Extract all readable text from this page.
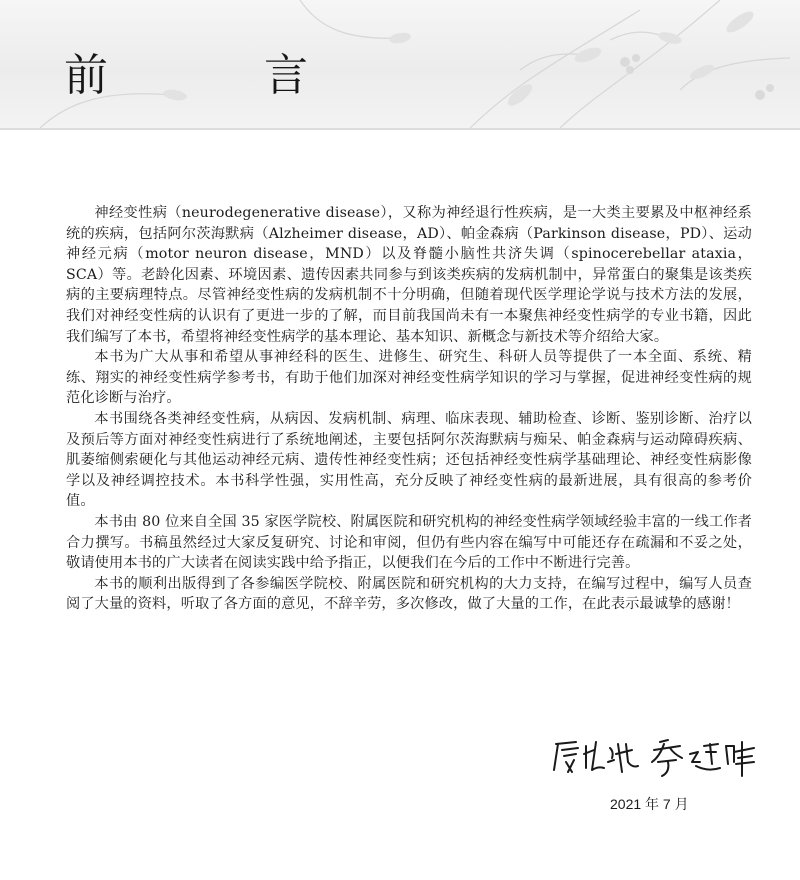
前　言

神经变性病（neurodegenerative disease），又称为神经退行性疾病，是一大类主要累及中枢神经系统的疾病，包括阿尔茨海默病（Alzheimer disease，AD）、帕金森病（Parkinson disease，PD）、运动神经元病（motor neuron disease，MND）以及脊髓小脑性共济失调（spinocerebellar ataxia，SCA）等。老龄化因素、环境因素、遗传因素共同参与到该类疾病的发病机制中，异常蛋白的聚集是该类疾病的主要病理特点。尽管神经变性病的发病机制不十分明确，但随着现代医学理论学说与技术方法的发展，我们对神经变性病的认识有了更进一步的了解，而目前我国尚未有一本聚焦神经变性病学的专业书籍，因此我们编写了本书，希望将神经变性病学的基本理论、基本知识、新概念与新技术等介绍给大家。

本书为广大从事和希望从事神经科的医生、进修生、研究生、科研人员等提供了一本全面、系统、精练、翔实的神经变性病学参考书，有助于他们加深对神经变性病学知识的学习与掌握，促进神经变性病的规范化诊断与治疗。

本书围绕各类神经变性病，从病因、发病机制、病理、临床表现、辅助检查、诊断、鉴别诊断、治疗以及预后等方面对神经变性病进行了系统地阐述，主要包括阿尔茨海默病与痴呆、帕金森病与运动障碍疾病、肌萎缩侧索硬化与其他运动神经元病、遗传性神经变性病；还包括神经变性病学基础理论、神经变性病影像学以及神经调控技术。本书科学性强，实用性高，充分反映了神经变性病的最新进展，具有很高的参考价值。

本书由 80 位来自全国 35 家医学院校、附属医院和研究机构的神经变性病学领域经验丰富的一线工作者合力撰写。书稿虽然经过大家反复研究、讨论和审阅，但仍有些内容在编写中可能还存在疏漏和不妥之处，敬请使用本书的广大读者在阅读实践中给予指正，以便我们在今后的工作中不断进行完善。

本书的顺利出版得到了各参编医学院校、附属医院和研究机构的大力支持，在编写过程中，编写人员查阅了大量的资料，听取了各方面的意见，不辞辛劳，多次修改，做了大量的工作，在此表示最诚挚的感谢！

2021 年 7 月
